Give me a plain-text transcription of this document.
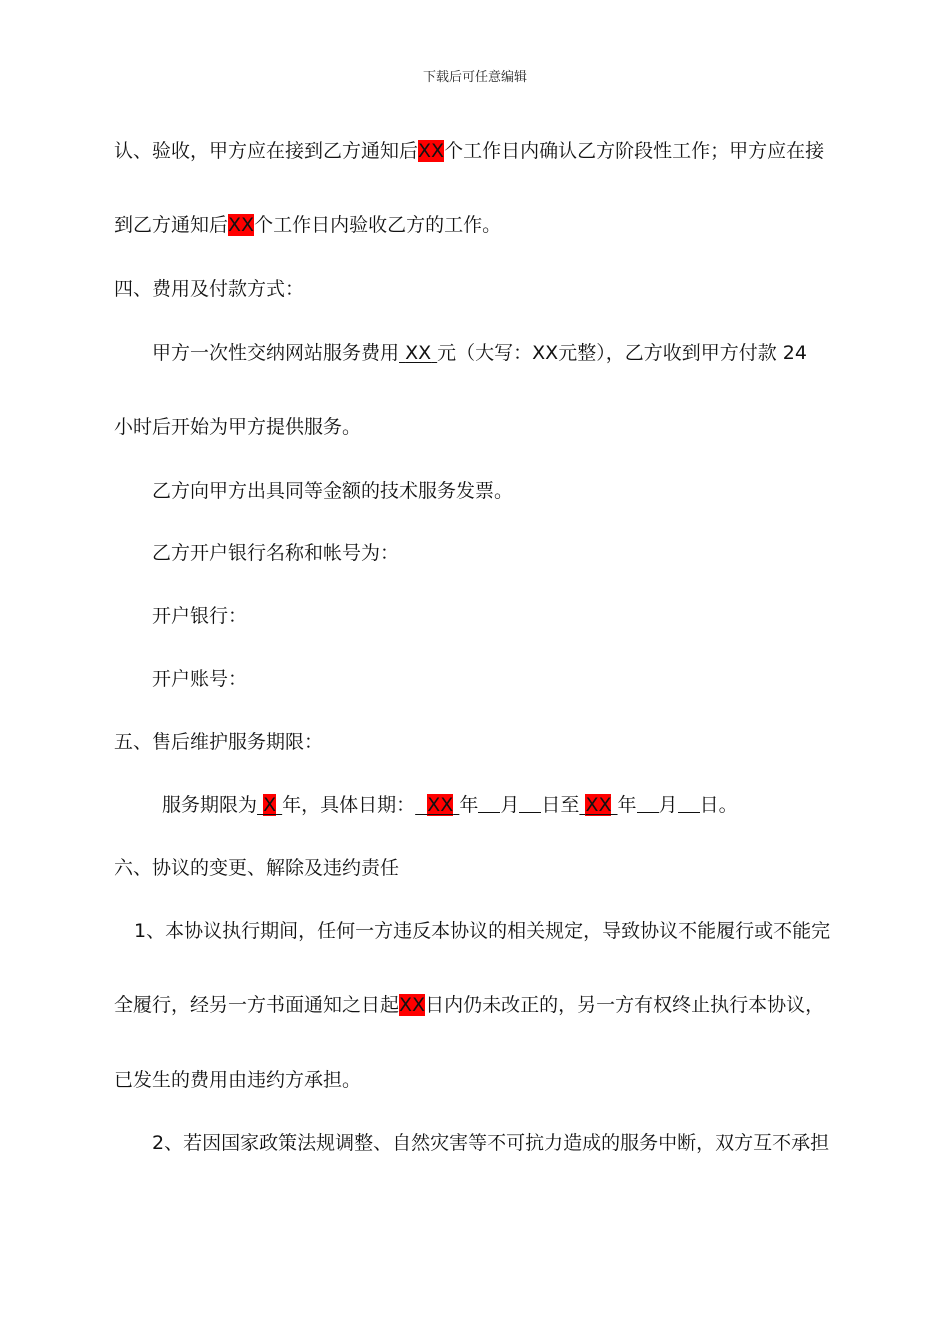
下载后可任意编辑
认、验收，甲方应在接到乙方通知后XX个工作日内确认乙方阶段性工作；甲方应在接
到乙方通知后XX个工作日内验收乙方的工作。
四、费用及付款方式：
甲方一次性交纳网站服务费用 XX 元（大写：XX元整），乙方收到甲方付款 24
小时后开始为甲方提供服务。
乙方向甲方出具同等金额的技术服务发票。
乙方开户银行名称和帐号为：
开户银行：
开户账号：
五、售后维护服务期限：
服务期限为 X 年，具体日期： XX 年 月 日至 XX 年 月 日。
六、协议的变更、解除及违约责任
1、本协议执行期间，任何一方违反本协议的相关规定，导致协议不能履行或不能完
全履行，经另一方书面通知之日起XX日内仍未改正的，另一方有权终止执行本协议，
已发生的费用由违约方承担。
2、若因国家政策法规调整、自然灾害等不可抗力造成的服务中断，双方互不承担
